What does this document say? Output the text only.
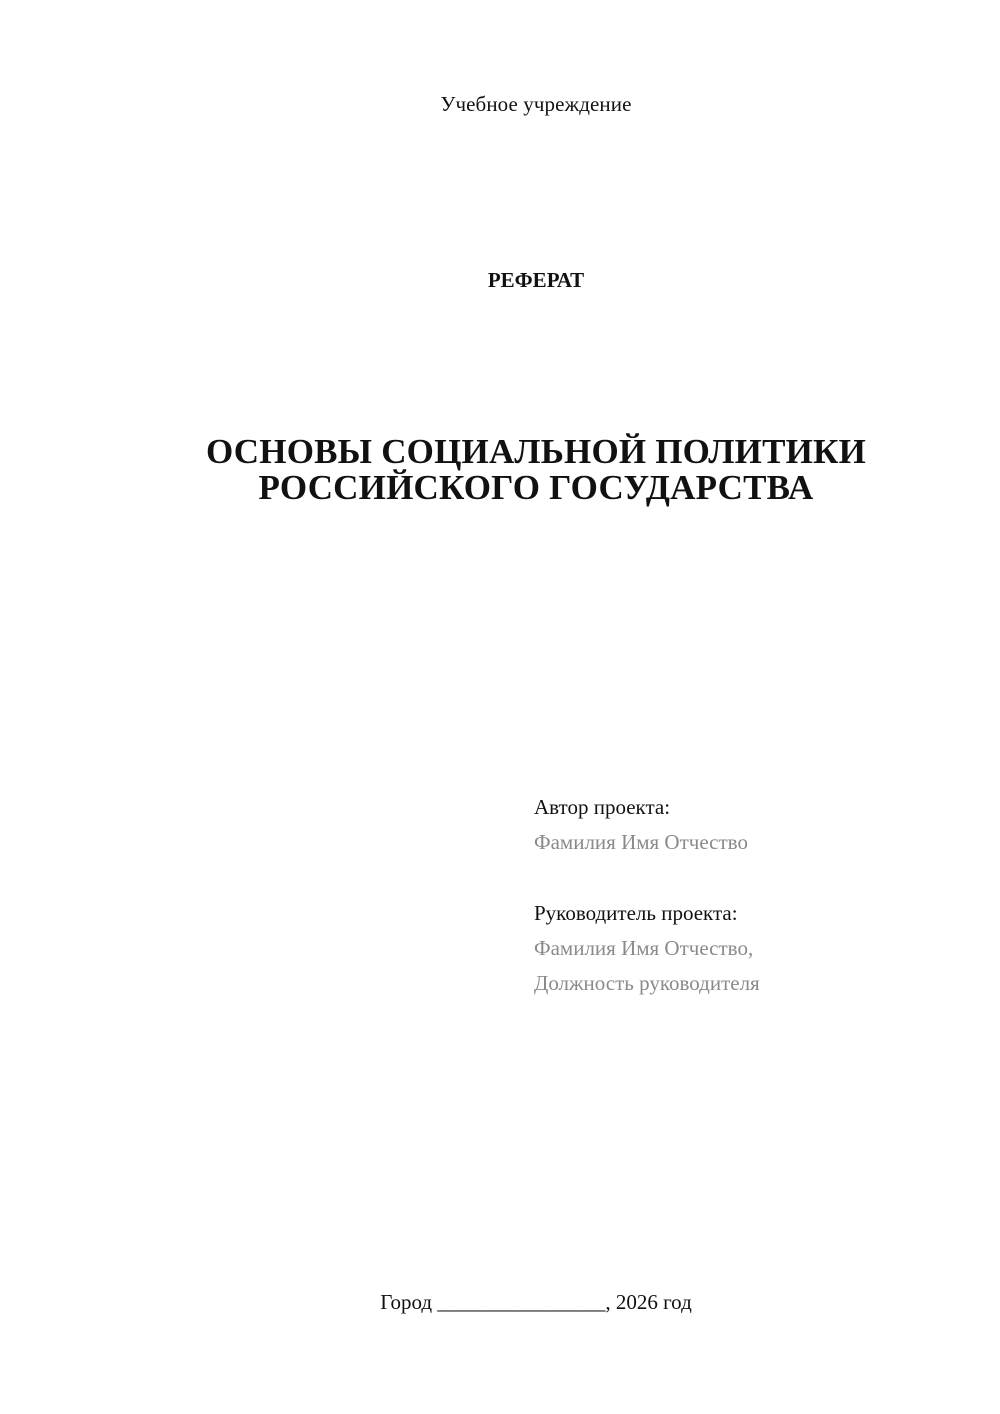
Учебное учреждение
РЕФЕРАТ
ОСНОВЫ СОЦИАЛЬНОЙ ПОЛИТИКИ
РОССИЙСКОГО ГОСУДАРСТВА
Автор проекта:
Фамилия Имя Отчество
Руководитель проекта:
Фамилия Имя Отчество,
Должность руководителя
Город ________________, 2026 год
